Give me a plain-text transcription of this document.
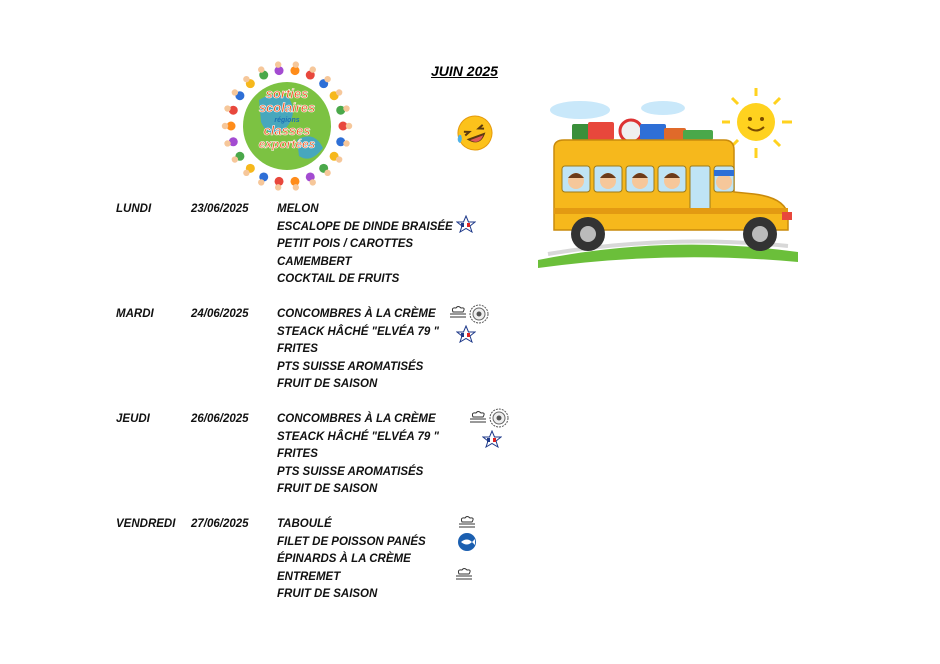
sorties
scolaires
régions
classes
exportées
JUIN 2025
LUNDI	23/06/2025 MELON
ESCALOPE DE DINDE BRAISÉE
PETIT POIS / CAROTTES
CAMEMBERT
COCKTAIL DE FRUITS
MARDI	24/06/2025 CONCOMBRES À LA CRÈME
STEACK HÂCHÉ "ELVÉA 79 "
FRITES
PTS SUISSE AROMATISÉS
FRUIT DE SAISON
JEUDI	26/06/2025 CONCOMBRES À LA CRÈME
STEACK HÂCHÉ "ELVÉA 79 "
FRITES
PTS SUISSE AROMATISÉS
FRUIT DE SAISON
VENDREDI 27/06/2025 TABOULÉ
FILET DE POISSON PANÉS
ÉPINARDS À LA CRÈME
ENTREMET
FRUIT DE SAISON
